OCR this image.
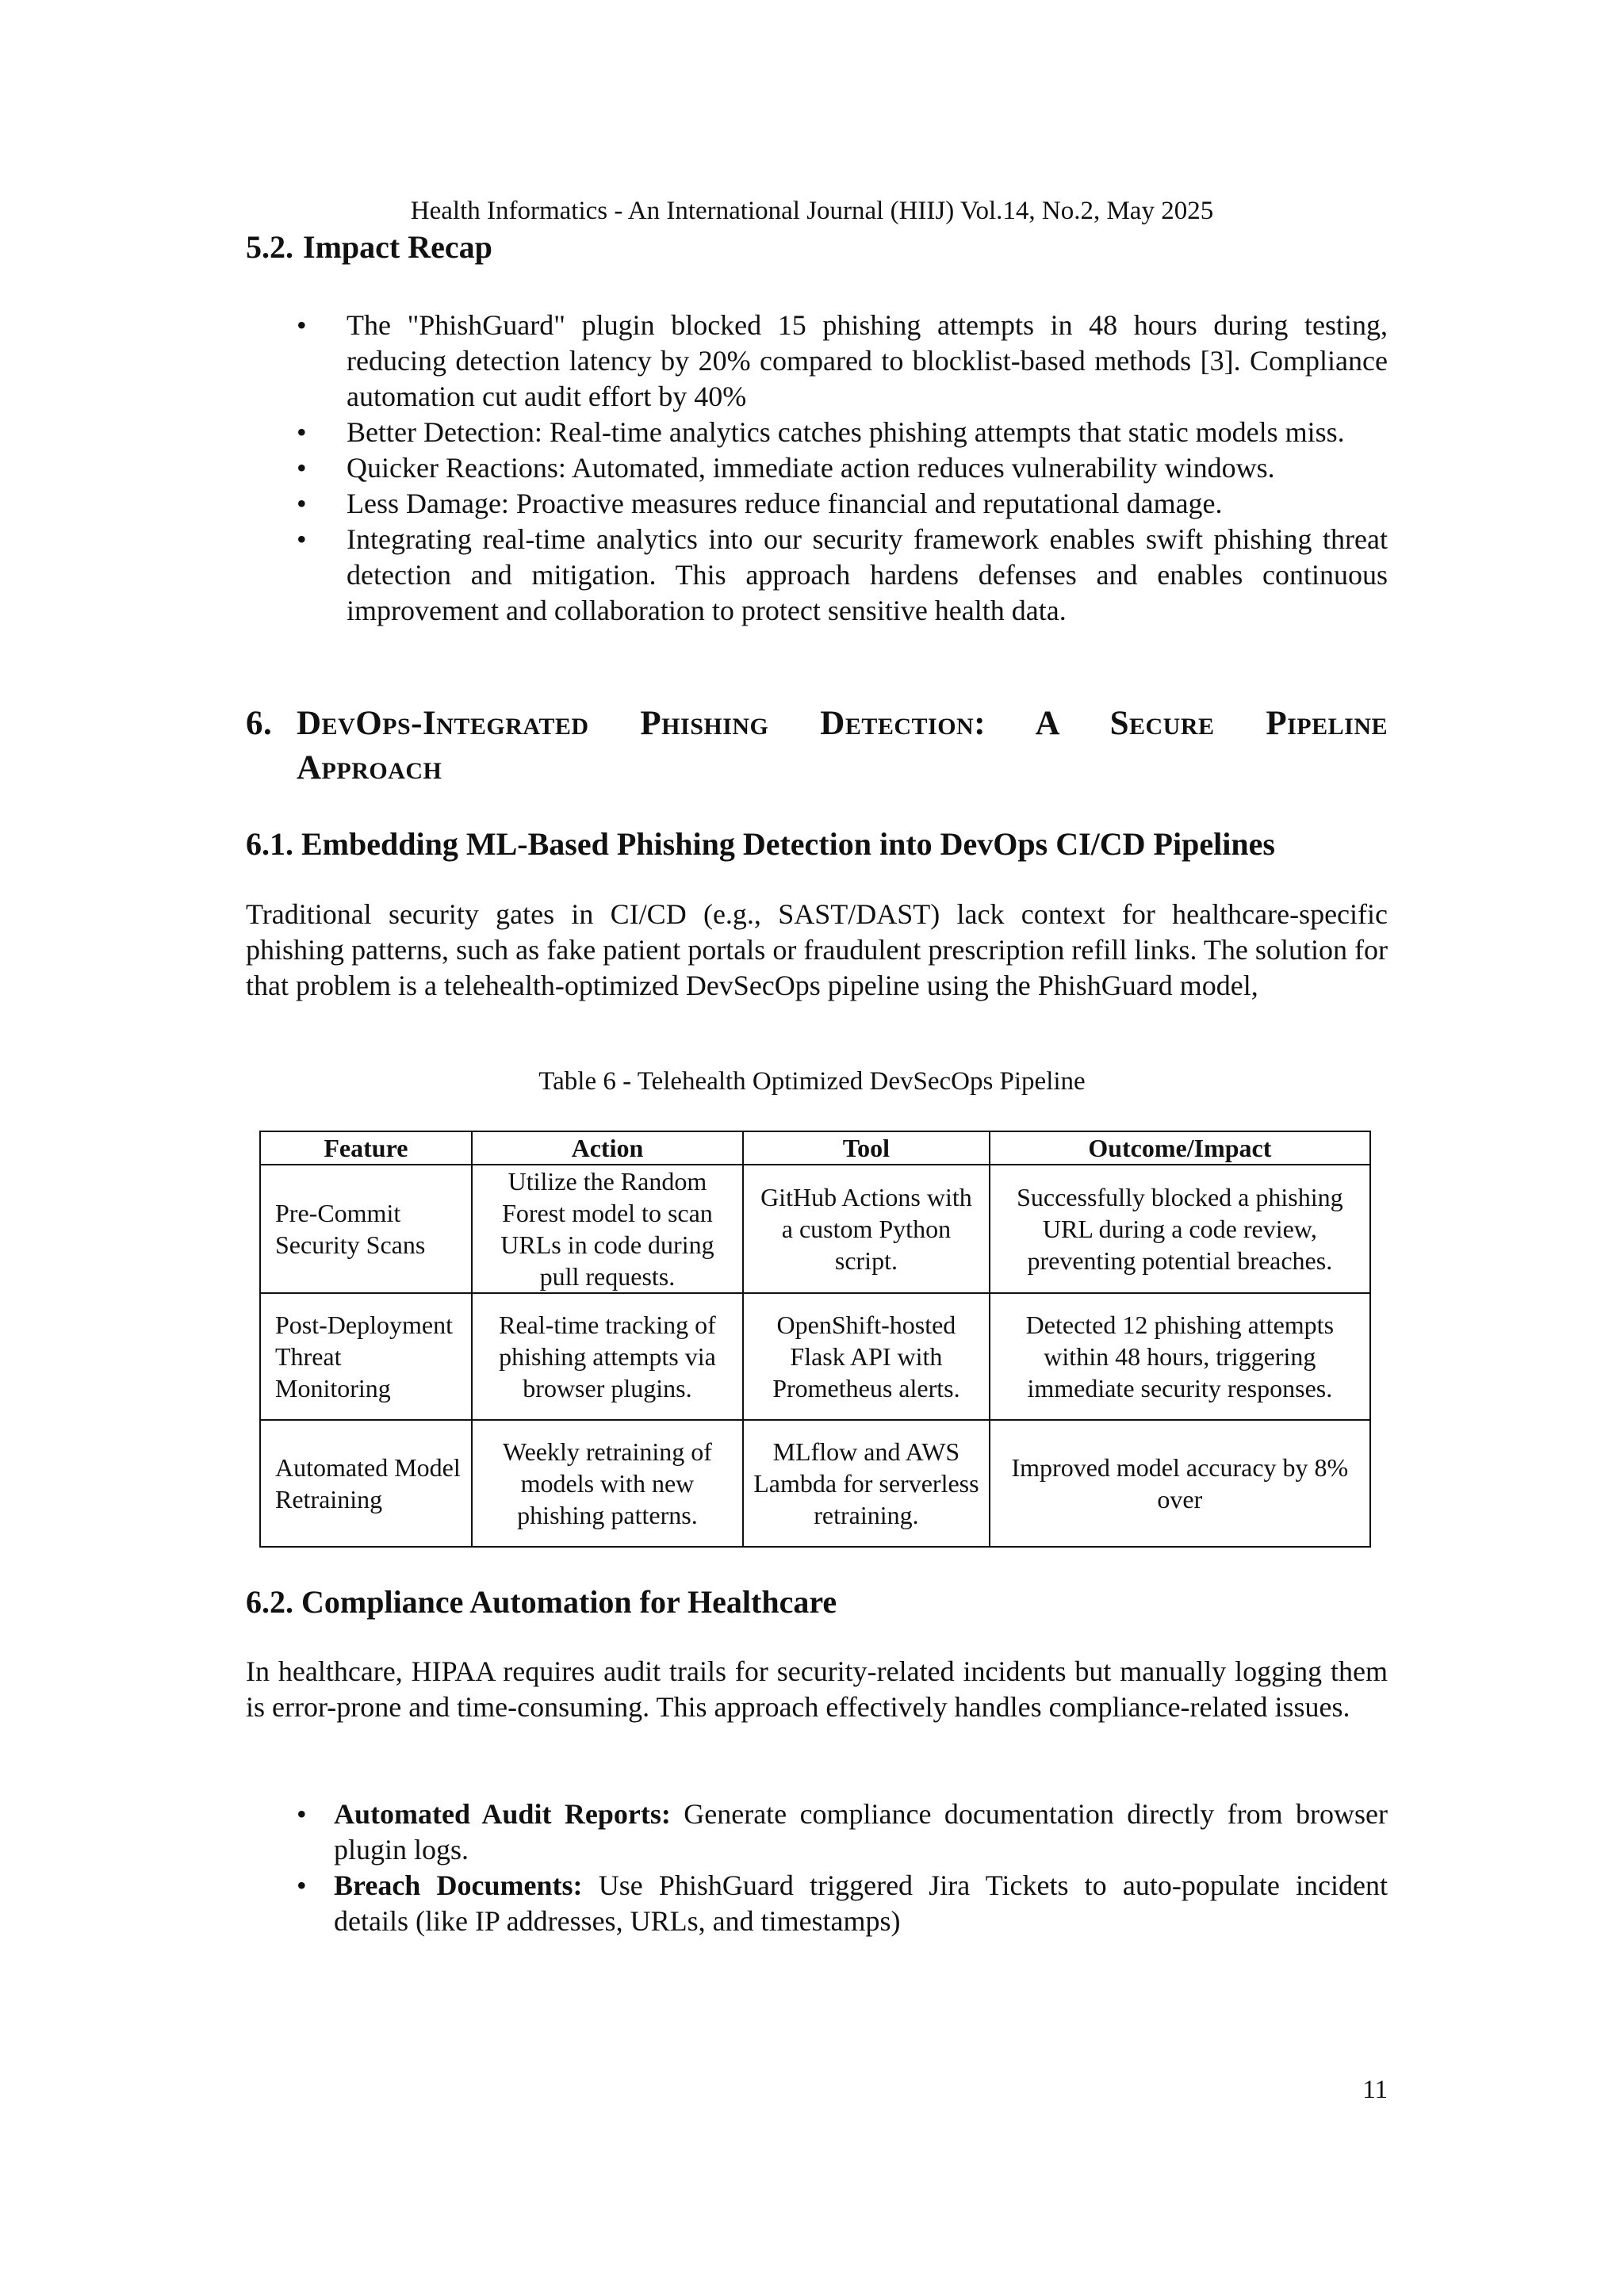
Health Informatics - An International Journal (HIIJ) Vol.14, No.2, May 2025
5.2. Impact Recap
• The "PhishGuard" plugin blocked 15 phishing attempts in 48 hours during testing, reducing detection latency by 20% compared to blocklist-based methods [3]. Compliance automation cut audit effort by 40%
• Better Detection: Real-time analytics catches phishing attempts that static models miss.
• Quicker Reactions: Automated, immediate action reduces vulnerability windows.
• Less Damage: Proactive measures reduce financial and reputational damage.
• Integrating real-time analytics into our security framework enables swift phishing threat detection and mitigation. This approach hardens defenses and enables continuous improvement and collaboration to protect sensitive health data.
6. DevOps-Integrated Phishing Detection: A Secure Pipeline
Approach
6.1. Embedding ML-Based Phishing Detection into DevOps CI/CD Pipelines

Traditional security gates in CI/CD (e.g., SAST/DAST) lack context for healthcare-specific phishing patterns, such as fake patient portals or fraudulent prescription refill links. The solution for that problem is a telehealth-optimized DevSecOps pipeline using the PhishGuard model,

Table 6 - Telehealth Optimized DevSecOps Pipeline
Feature	Action	Tool	Outcome/Impact
Pre-Commit Security Scans	Utilize the Random Forest model to scan URLs in code during pull requests.	GitHub Actions with a custom Python script.	Successfully blocked a phishing URL during a code review, preventing potential breaches.
Post-Deployment Threat Monitoring	Real-time tracking of phishing attempts via browser plugins.	OpenShift-hosted Flask API with Prometheus alerts.	Detected 12 phishing attempts within 48 hours, triggering immediate security responses.
Automated Model Retraining	Weekly retraining of models with new phishing patterns.	MLflow and AWS Lambda for serverless retraining.	Improved model accuracy by 8% over
6.2. Compliance Automation for Healthcare

In healthcare, HIPAA requires audit trails for security-related incidents but manually logging them is error-prone and time-consuming. This approach effectively handles compliance-related issues.

• Automated Audit Reports: Generate compliance documentation directly from browser plugin logs.
• Breach Documents: Use PhishGuard triggered Jira Tickets to auto-populate incident details (like IP addresses, URLs, and timestamps)
11
